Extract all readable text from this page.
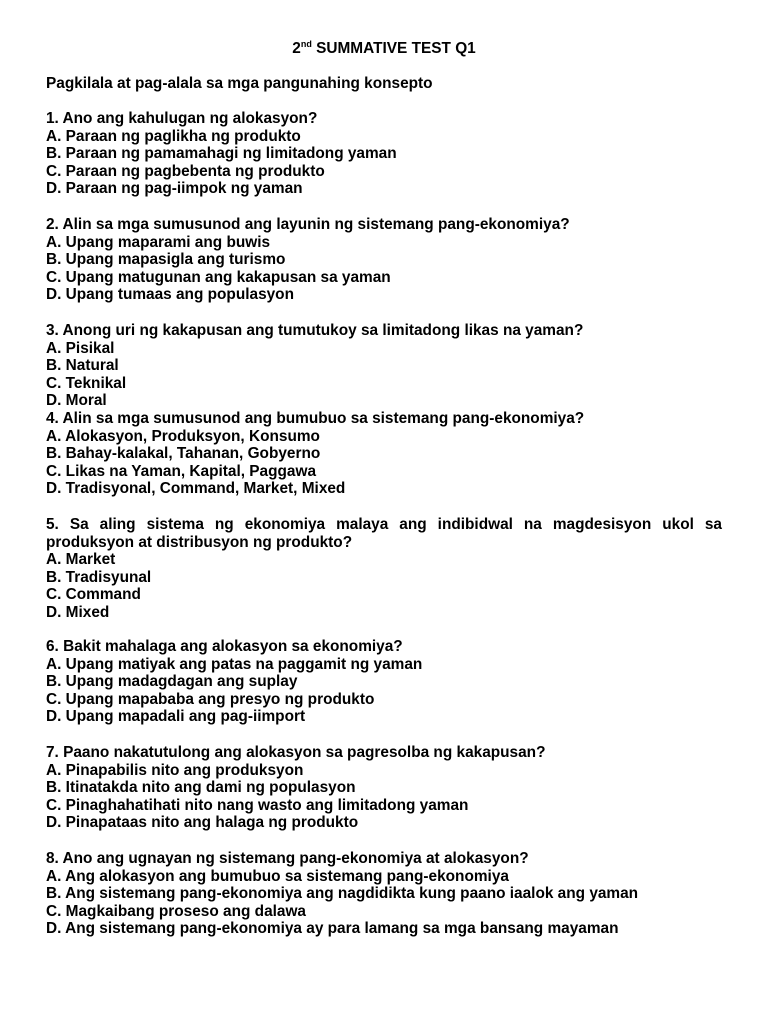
2nd SUMMATIVE TEST Q1
Pagkilala at pag-alala sa mga pangunahing konsepto
1. Ano ang kahulugan ng alokasyon?
A. Paraan ng paglikha ng produkto
B. Paraan ng pamamahagi ng limitadong yaman
C. Paraan ng pagbebenta ng produkto
D. Paraan ng pag-iimpok ng yaman
2. Alin sa mga sumusunod ang layunin ng sistemang pang-ekonomiya?
A. Upang maparami ang buwis
B. Upang mapasigla ang turismo
C. Upang matugunan ang kakapusan sa yaman
D. Upang tumaas ang populasyon
3. Anong uri ng kakapusan ang tumutukoy sa limitadong likas na yaman?
A. Pisikal
B. Natural
C. Teknikal
D. Moral
4. Alin sa mga sumusunod ang bumubuo sa sistemang pang-ekonomiya?
A. Alokasyon, Produksyon, Konsumo
B. Bahay-kalakal, Tahanan, Gobyerno
C. Likas na Yaman, Kapital, Paggawa
D. Tradisyonal, Command, Market, Mixed
5. Sa aling sistema ng ekonomiya malaya ang indibidwal na magdesisyon ukol sa produksyon at distribusyon ng produkto?
A. Market
B. Tradisyunal
C. Command
D. Mixed
6. Bakit mahalaga ang alokasyon sa ekonomiya?
A. Upang matiyak ang patas na paggamit ng yaman
B. Upang madagdagan ang suplay
C. Upang mapababa ang presyo ng produkto
D. Upang mapadali ang pag-iimport
7. Paano nakatutulong ang alokasyon sa pagresolba ng kakapusan?
A. Pinapabilis nito ang produksyon
B. Itinatakda nito ang dami ng populasyon
C. Pinaghahatihati nito nang wasto ang limitadong yaman
D. Pinapataas nito ang halaga ng produkto
8. Ano ang ugnayan ng sistemang pang-ekonomiya at alokasyon?
A. Ang alokasyon ang bumubuo sa sistemang pang-ekonomiya
B. Ang sistemang pang-ekonomiya ang nagdidikta kung paano iaalok ang yaman
C. Magkaibang proseso ang dalawa
D. Ang sistemang pang-ekonomiya ay para lamang sa mga bansang mayaman
